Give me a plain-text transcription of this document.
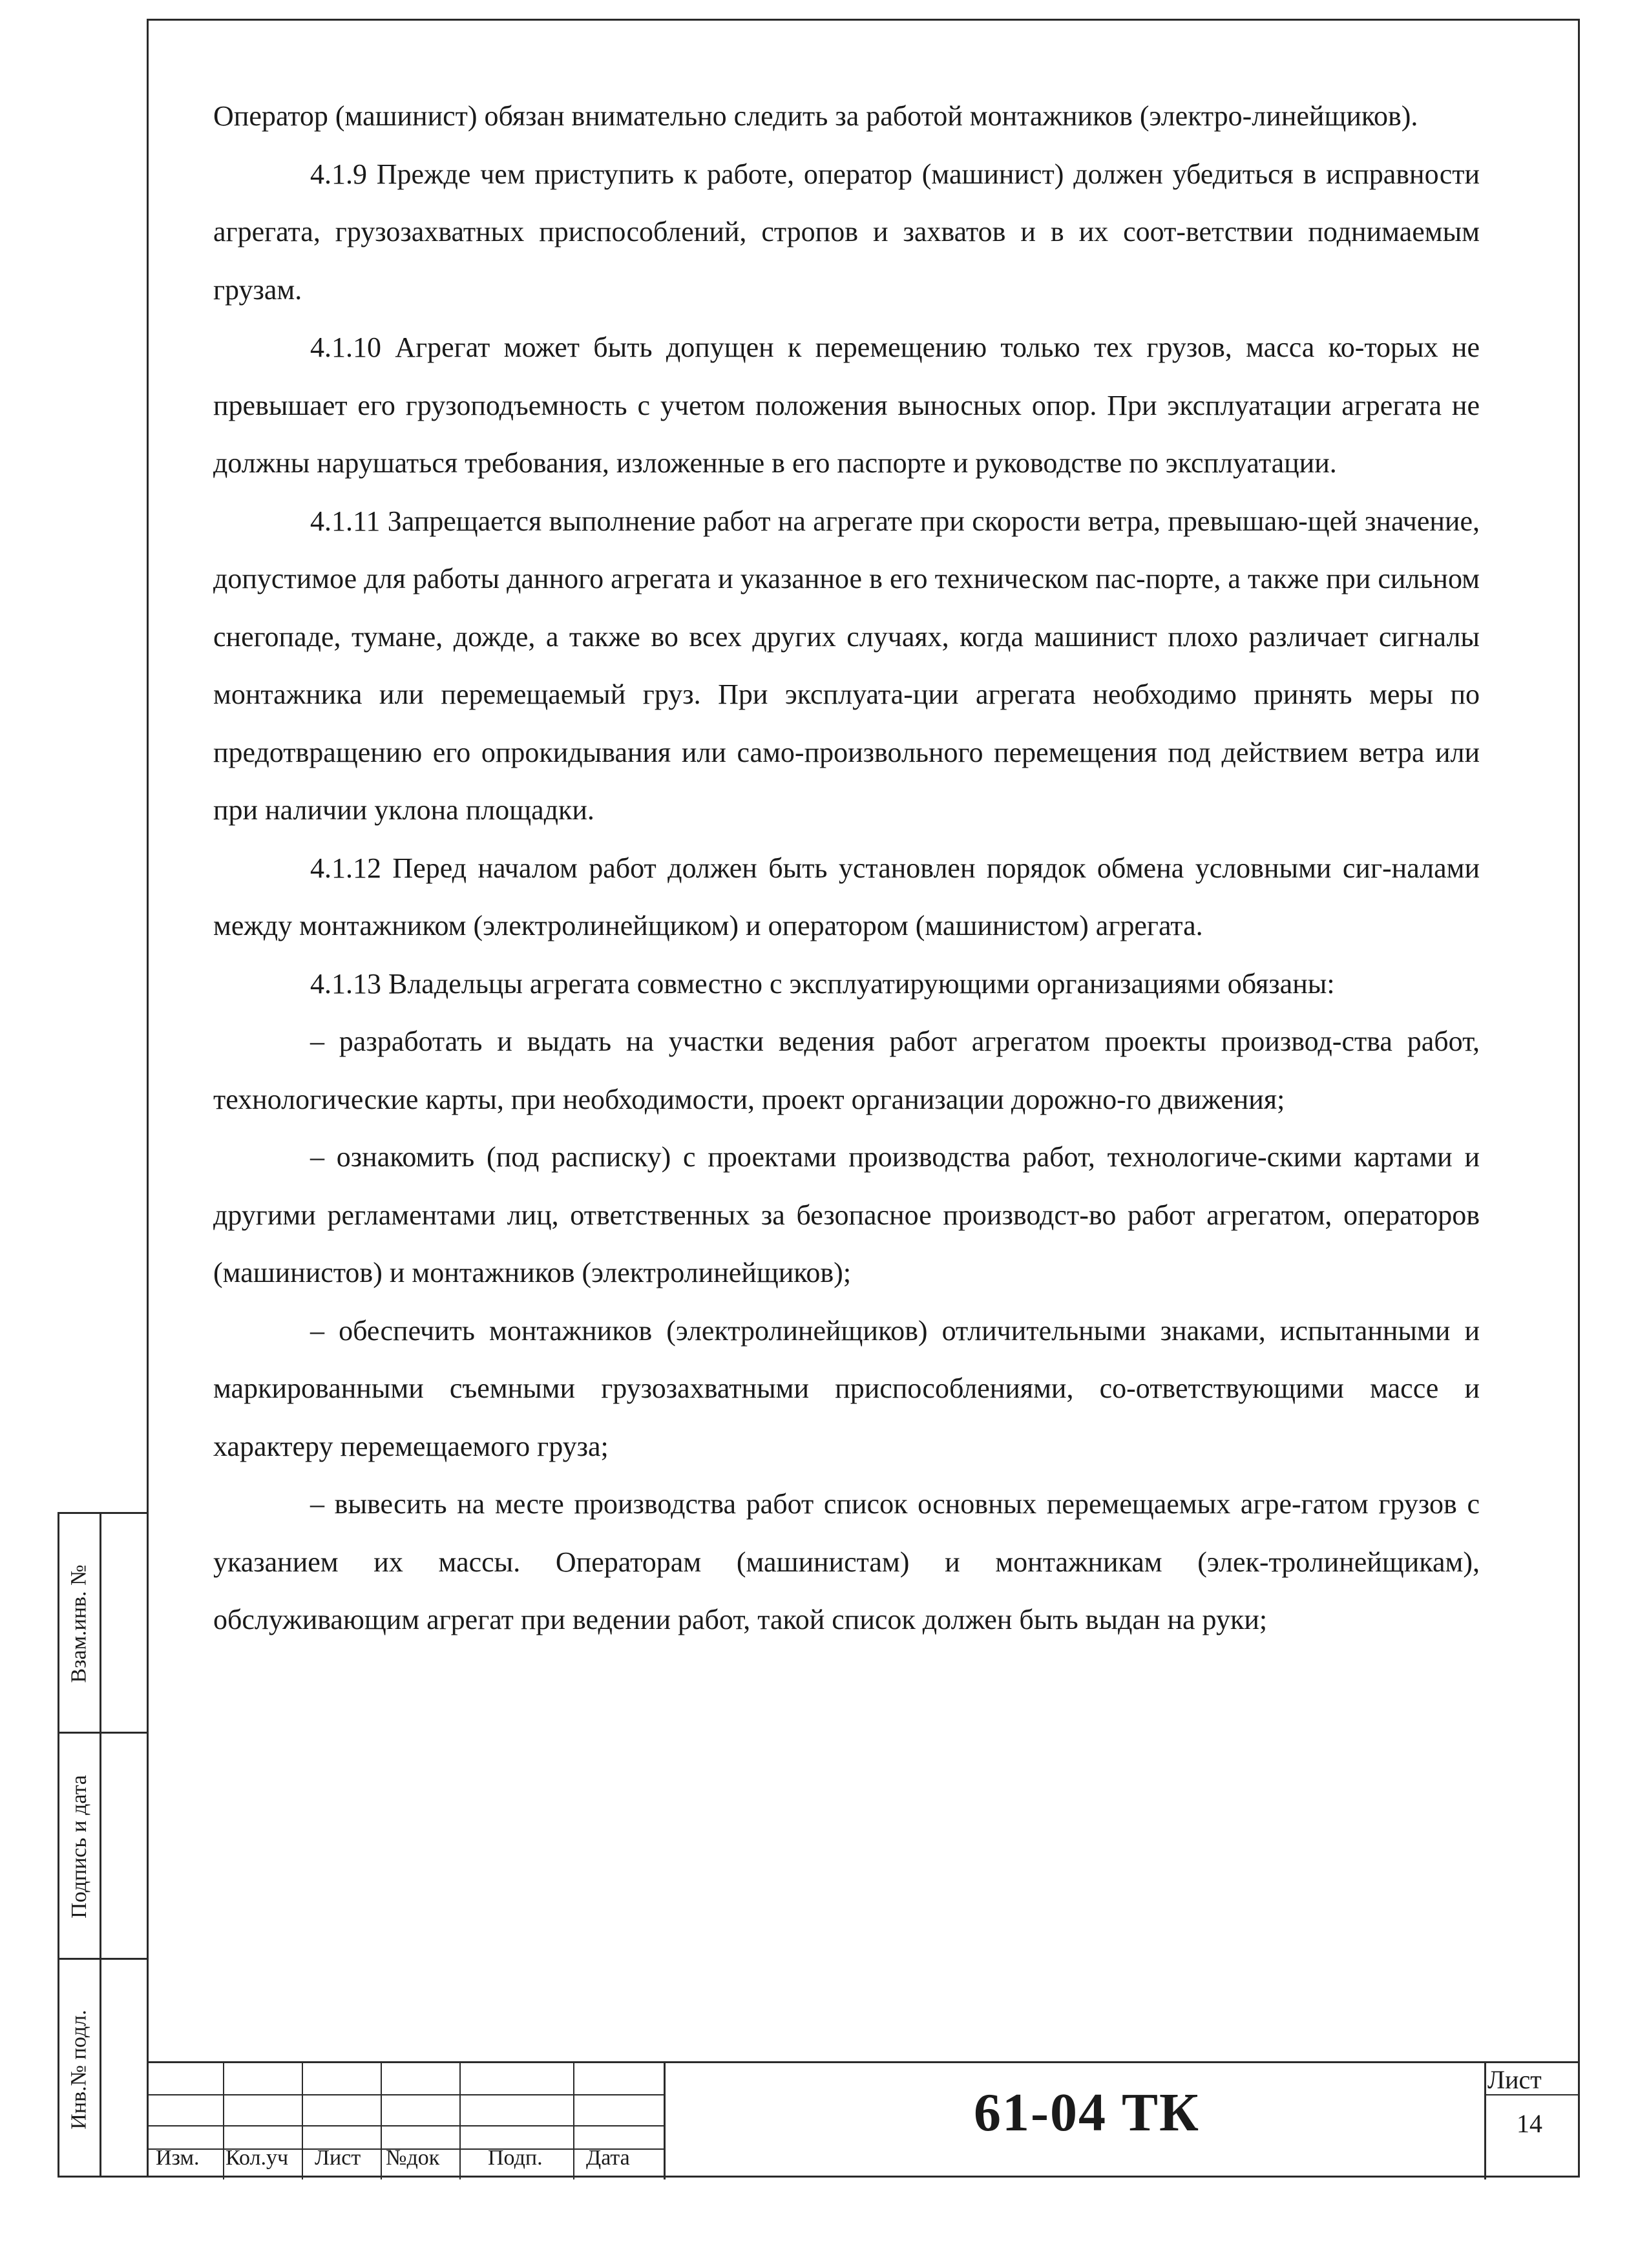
Взам.инв. №
Подпись и дата
Инв.№ подл.

Оператор (машинист) обязан внимательно следить за работой монтажников (электро-линейщиков).

4.1.9 Прежде чем приступить к работе, оператор (машинист) должен убедиться в исправности агрегата, грузозахватных приспособлений, стропов и захватов и в их соот-ветствии поднимаемым грузам.

4.1.10 Агрегат может быть допущен к перемещению только тех грузов, масса ко-торых не превышает его грузоподъемность с учетом положения выносных опор. При эксплуатации агрегата не должны нарушаться требования, изложенные в его паспорте и руководстве по эксплуатации.

4.1.11 Запрещается выполнение работ на агрегате при скорости ветра, превышаю-щей значение, допустимое для работы данного агрегата и указанное в его техническом пас-порте, а также при сильном снегопаде, тумане, дожде, а также во всех других случаях, когда машинист плохо различает сигналы монтажника или перемещаемый груз. При эксплуата-ции агрегата необходимо принять меры по предотвращению его опрокидывания или само-произвольного перемещения под действием ветра или при наличии уклона площадки.

4.1.12 Перед началом работ должен быть установлен порядок обмена условными сиг-налами между монтажником (электролинейщиком) и оператором (машинистом) агрегата.

4.1.13 Владельцы агрегата совместно с эксплуатирующими организациями обязаны:

– разработать и выдать на участки ведения работ агрегатом проекты производ-ства работ, технологические карты, при необходимости, проект организации дорожно-го движения;

– ознакомить (под расписку) с проектами производства работ, технологиче-скими картами и другими регламентами лиц, ответственных за безопасное производст-во работ агрегатом, операторов (машинистов) и монтажников (электролинейщиков);

– обеспечить монтажников (электролинейщиков) отличительными знаками, испытанными и маркированными съемными грузозахватными приспособлениями, со-ответствующими массе и характеру перемещаемого груза;

– вывесить на месте производства работ список основных перемещаемых агре-гатом грузов с указанием их массы. Операторам (машинистам) и монтажникам (элек-тролинейщикам), обслуживающим агрегат при ведении работ, такой список должен быть выдан на руки;

Изм. Кол.уч Лист №док Подп. Дата
61-04 ТК
Лист
14
